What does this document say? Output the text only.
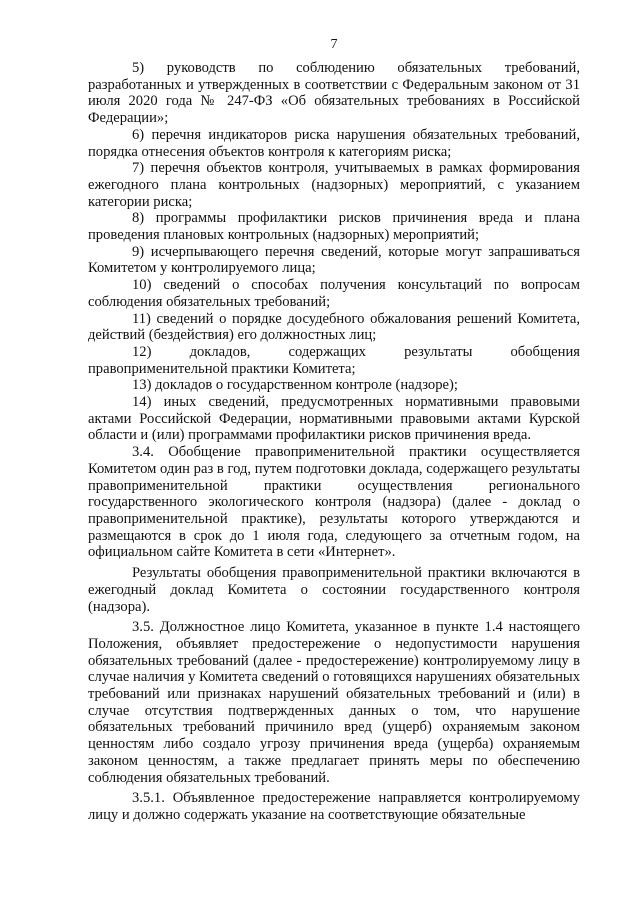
7

5) руководств по соблюдению обязательных требований, разработанных и утвержденных в соответствии с Федеральным законом от 31 июля 2020 года № 247-ФЗ «Об обязательных требованиях в Российской Федерации»;

6) перечня индикаторов риска нарушения обязательных требований, порядка отнесения объектов контроля к категориям риска;

7) перечня объектов контроля, учитываемых в рамках формирования ежегодного плана контрольных (надзорных) мероприятий, с указанием категории риска;

8) программы профилактики рисков причинения вреда и плана проведения плановых контрольных (надзорных) мероприятий;

9) исчерпывающего перечня сведений, которые могут запрашиваться Комитетом у контролируемого лица;

10) сведений о способах получения консультаций по вопросам соблюдения обязательных требований;

11) сведений о порядке досудебного обжалования решений Комитета, действий (бездействия) его должностных лиц;

12) докладов, содержащих результаты обобщения правоприменительной практики Комитета;

13) докладов о государственном контроле (надзоре);

14) иных сведений, предусмотренных нормативными правовыми актами Российской Федерации, нормативными правовыми актами Курской области и (или) программами профилактики рисков причинения вреда.

3.4. Обобщение правоприменительной практики осуществляется Комитетом один раз в год, путем подготовки доклада, содержащего результаты правоприменительной практики осуществления регионального государственного экологического контроля (надзора) (далее - доклад о правоприменительной практике), результаты которого утверждаются и размещаются в срок до 1 июля года, следующего за отчетным годом, на официальном сайте Комитета в сети «Интернет».

Результаты обобщения правоприменительной практики включаются в ежегодный доклад Комитета о состоянии государственного контроля (надзора).

3.5. Должностное лицо Комитета, указанное в пункте 1.4 настоящего Положения, объявляет предостережение о недопустимости нарушения обязательных требований (далее - предостережение) контролируемому лицу в случае наличия у Комитета сведений о готовящихся нарушениях обязательных требований или признаках нарушений обязательных требований и (или) в случае отсутствия подтвержденных данных о том, что нарушение обязательных требований причинило вред (ущерб) охраняемым законом ценностям либо создало угрозу причинения вреда (ущерба) охраняемым законом ценностям, а также предлагает принять меры по обеспечению соблюдения обязательных требований.

3.5.1. Объявленное предостережение направляется контролируемому лицу и должно содержать указание на соответствующие обязательные
